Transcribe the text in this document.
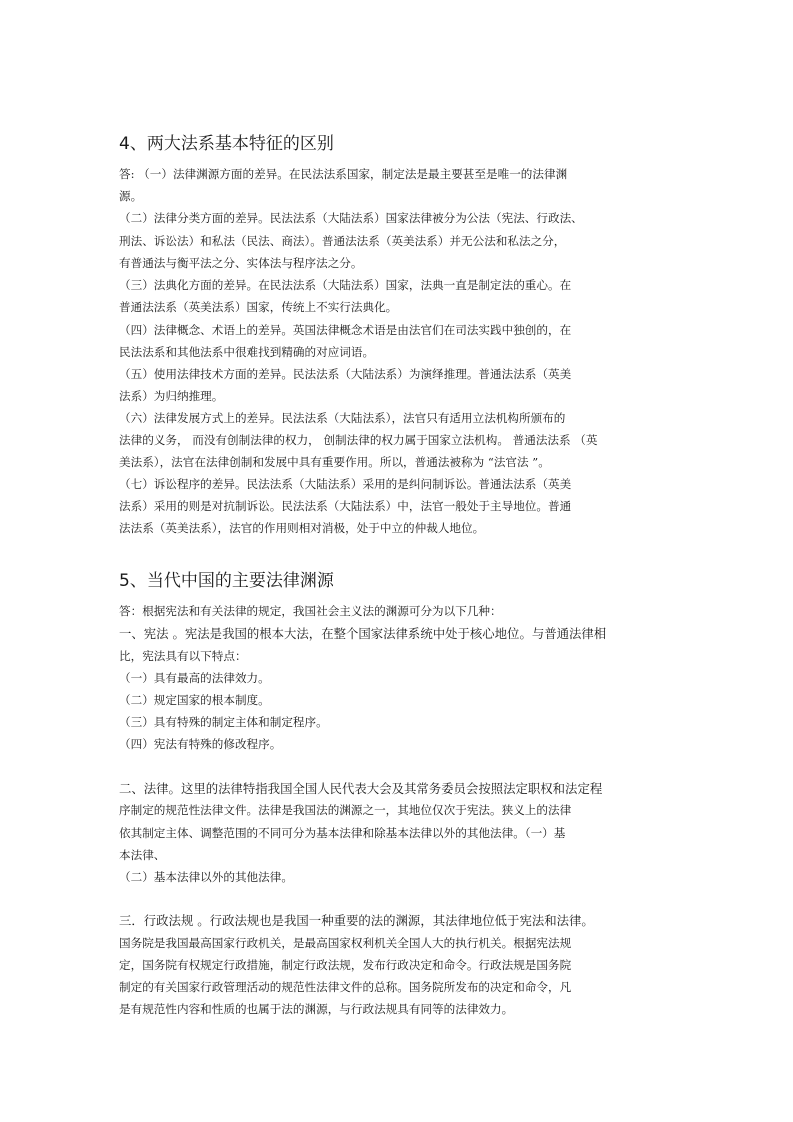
4、两大法系基本特征的区别
答: （一）法律渊源方面的差异。在民法法系国家，制定法是最主要甚至是唯一的法律渊
源。
（二）法律分类方面的差异。民法法系（大陆法系）国家法律被分为公法（宪法、行政法、
刑法、诉讼法）和私法（民法、商法）。普通法法系（英美法系）并无公法和私法之分，
有普通法与衡平法之分、实体法与程序法之分。
（三）法典化方面的差异。在民法法系（大陆法系）国家，法典一直是制定法的重心。在
普通法法系（英美法系）国家，传统上不实行法典化。
（四）法律概念、术语上的差异。英国法律概念术语是由法官们在司法实践中独创的，在
民法法系和其他法系中很难找到精确的对应词语。
（五）使用法律技术方面的差异。民法法系（大陆法系）为演绎推理。普通法法系（英美
法系）为归纳推理。
（六）法律发展方式上的差异。民法法系（大陆法系），法官只有适用立法机构所颁布的
法律的义务， 而没有创制法律的权力， 创制法律的权力属于国家立法机构。 普通法法系 （英
美法系），法官在法律创制和发展中具有重要作用。所以，普通法被称为 “法官法 ”。
（七）诉讼程序的差异。民法法系（大陆法系）采用的是纠问制诉讼。普通法法系（英美
法系）采用的则是对抗制诉讼。民法法系（大陆法系）中，法官一般处于主导地位。普通
法法系（英美法系），法官的作用则相对消极，处于中立的仲裁人地位。
5、当代中国的主要法律渊源
答：根据宪法和有关法律的规定，我国社会主义法的渊源可分为以下几种：
一、宪法 。宪法是我国的根本大法，在整个国家法律系统中处于核心地位。与普通法律相
比，宪法具有以下特点：
（一）具有最高的法律效力。
（二）规定国家的根本制度。
（三）具有特殊的制定主体和制定程序。
（四）宪法有特殊的修改程序。
二、法律。这里的法律特指我国全国人民代表大会及其常务委员会按照法定职权和法定程
序制定的规范性法律文件。法律是我国法的渊源之一，其地位仅次于宪法。狭义上的法律
依其制定主体、调整范围的不同可分为基本法律和除基本法律以外的其他法律。（一）基
本法律、
（二）基本法律以外的其他法律。
三．行政法规 。行政法规也是我国一种重要的法的渊源，其法律地位低于宪法和法律。
国务院是我国最高国家行政机关，是最高国家权利机关全国人大的执行机关。根据宪法规
定，国务院有权规定行政措施，制定行政法规，发布行政决定和命令。行政法规是国务院
制定的有关国家行政管理活动的规范性法律文件的总称。国务院所发布的决定和命令，凡
是有规范性内容和性质的也属于法的渊源，与行政法规具有同等的法律效力。
